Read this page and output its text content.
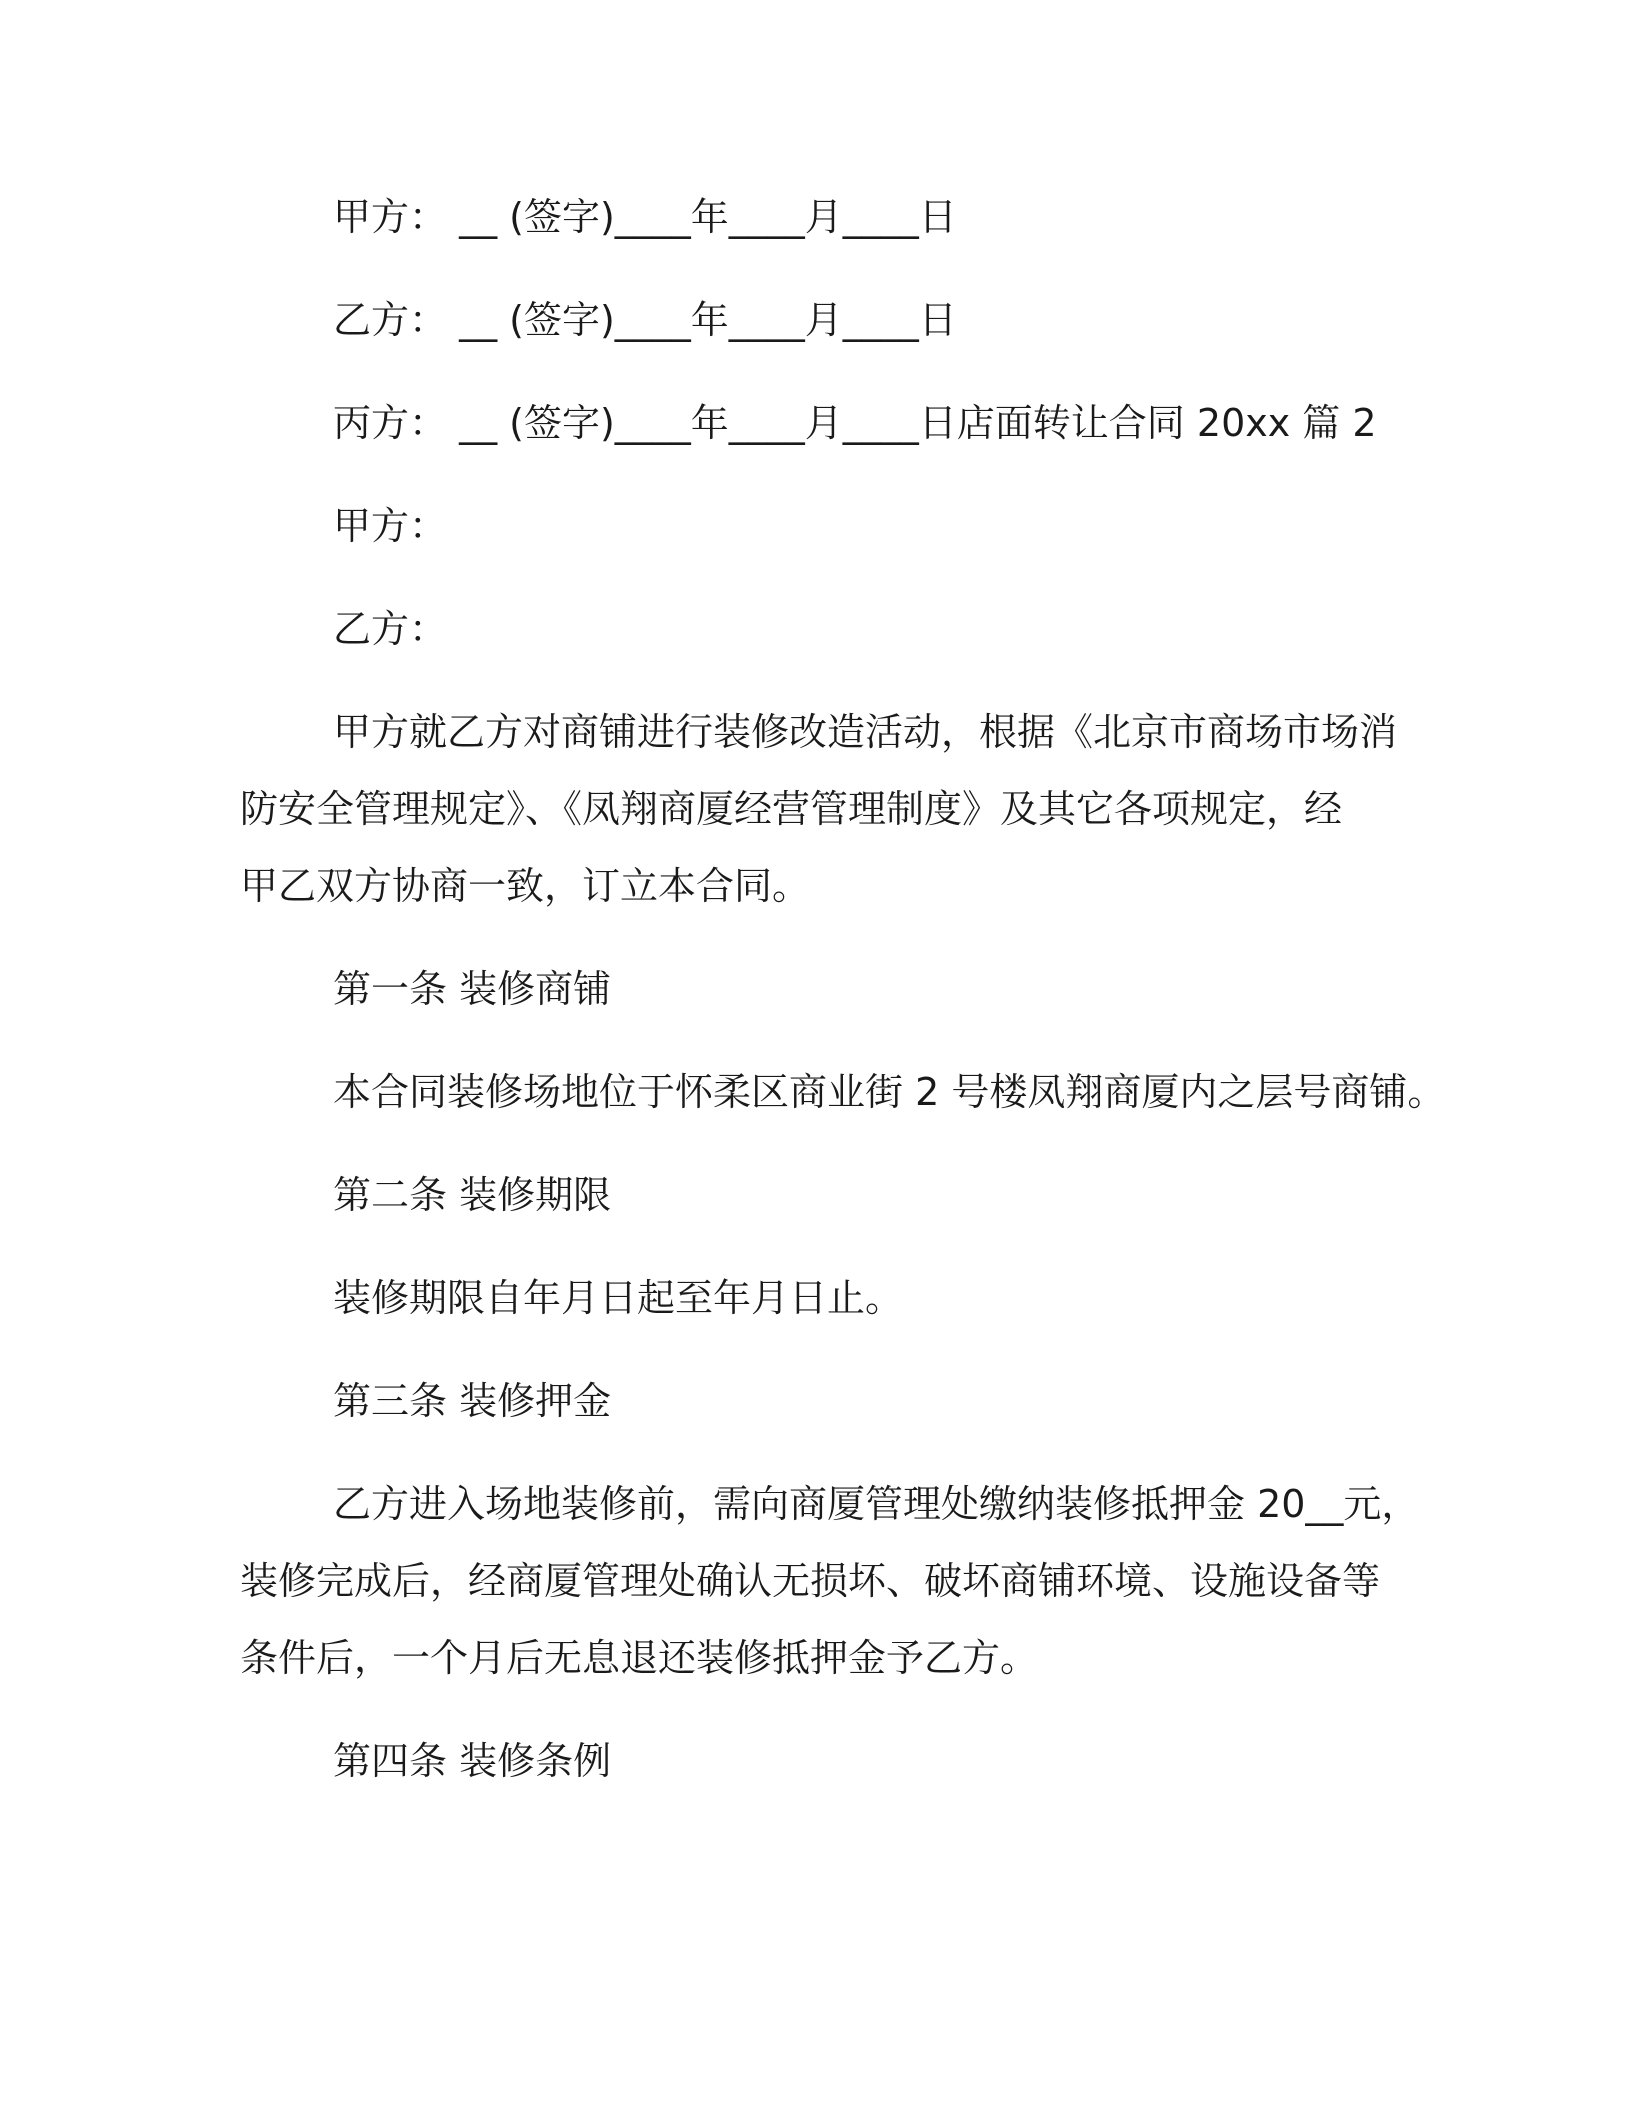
甲方： __ (签字)____年____月____日
乙方： __ (签字)____年____月____日
丙方： __ (签字)____年____月____日店面转让合同 20xx 篇 2
甲方：
乙方：
甲方就乙方对商铺进行装修改造活动，根据《北京市商场市场消
防安全管理规定》、《凤翔商厦经营管理制度》及其它各项规定，经
甲乙双方协商一致，订立本合同。
第一条 装修商铺
本合同装修场地位于怀柔区商业街 2 号楼凤翔商厦内之层号商铺。
第二条 装修期限
装修期限自年月日起至年月日止。
第三条 装修押金
乙方进入场地装修前，需向商厦管理处缴纳装修抵押金 20__元，
装修完成后，经商厦管理处确认无损坏、破坏商铺环境、设施设备等
条件后，一个月后无息退还装修抵押金予乙方。
第四条 装修条例
